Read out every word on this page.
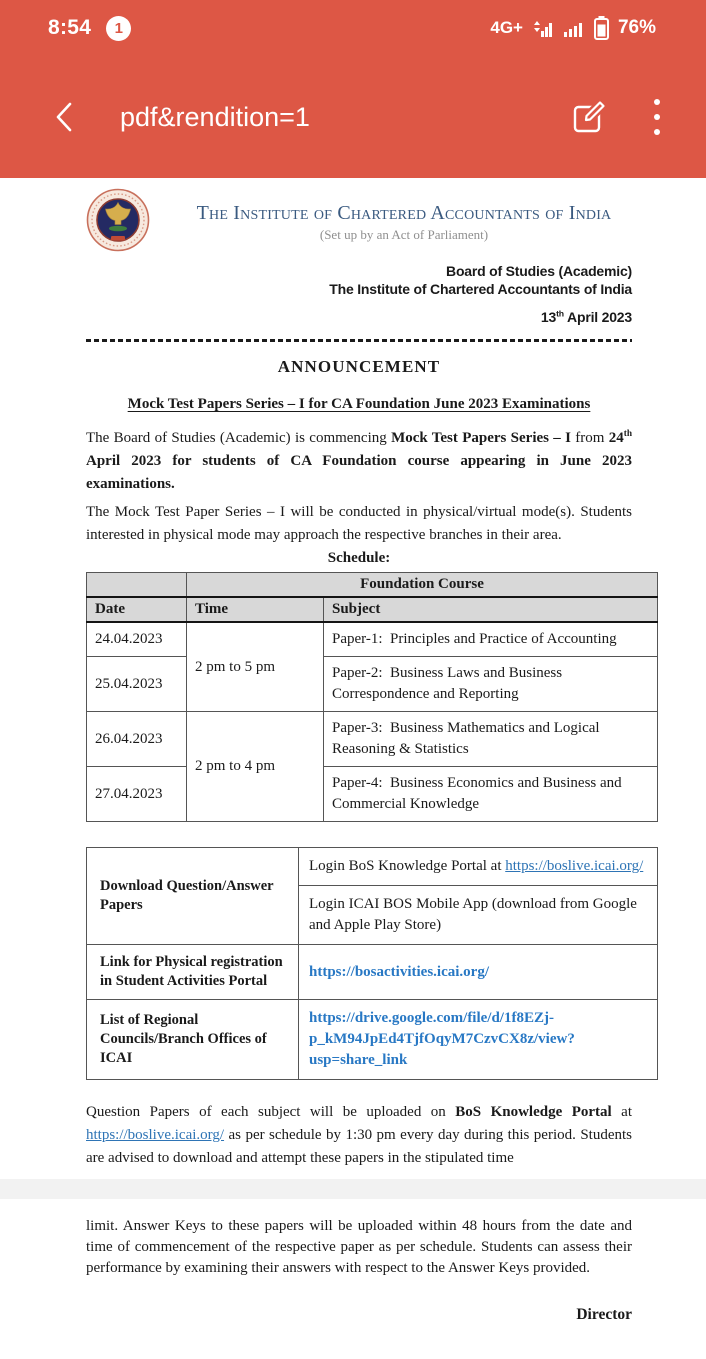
8:54 1	4G+	76%
pdf&rendition=1
The Institute of Chartered Accountants of India
(Set up by an Act of Parliament)
Board of Studies (Academic)
The Institute of Chartered Accountants of India
13th April 2023
ANNOUNCEMENT
Mock Test Papers Series – I for CA Foundation June 2023 Examinations

The Board of Studies (Academic) is commencing Mock Test Papers Series – I from 24th April 2023 for students of CA Foundation course appearing in June 2023 examinations.

The Mock Test Paper Series – I will be conducted in physical/virtual mode(s). Students interested in physical mode may approach the respective branches in their area.

Schedule:
	Foundation Course	
Date	Time	Subject
24.04.2023	2 pm to 5 pm	Paper-1:  Principles and Practice of Accounting
25.04.2023		Paper-2:  Business Laws and Business Correspondence and Reporting
26.04.2023	2 pm to 4 pm	Paper-3:  Business Mathematics and Logical Reasoning & Statistics
27.04.2023		Paper-4:  Business Economics and Business and Commercial Knowledge
Download Question/Answer Papers	Login BoS Knowledge Portal at https://boslive.icai.org/
	Login ICAI BOS Mobile App (download from Google and Apple Play Store)
Link for Physical registration in Student Activities Portal	https://bosactivities.icai.org/
List of Regional Councils/Branch Offices of ICAI	https://drive.google.com/file/d/1f8EZj-p_kM94JpEd4TjfOqyM7CzvCX8z/view?usp=share_link

Question Papers of each subject will be uploaded on BoS Knowledge Portal at https://boslive.icai.org/ as per schedule by 1:30 pm every day during this period. Students are advised to download and attempt these papers in the stipulated time

limit. Answer Keys to these papers will be uploaded within 48 hours from the date and time of commencement of the respective paper as per schedule. Students can assess their performance by examining their answers with respect to the Answer Keys provided.

Director
